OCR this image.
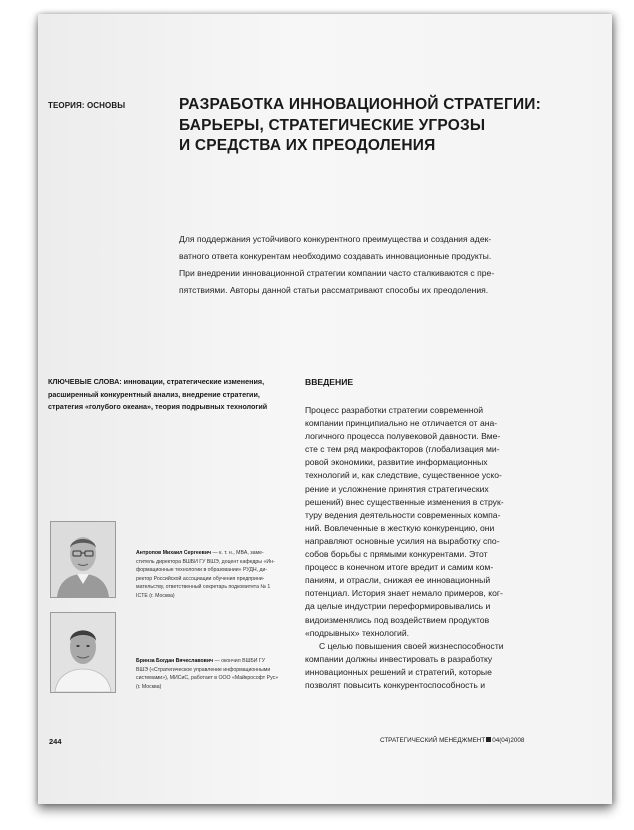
ТЕОРИЯ: ОСНОВЫ	РАЗРАБОТКА ИННОВАЦИОННОЙ СТРАТЕГИИ:
БАРЬЕРЫ, СТРАТЕГИЧЕСКИЕ УГРОЗЫ
И СРЕДСТВА ИХ ПРЕОДОЛЕНИЯ
Для поддержания устойчивого конкурентного преимущества и создания адек-
ватного ответа конкурентам необходимо создавать инновационные продукты.
При внедрении инновационной стратегии компании часто сталкиваются с пре-
пятствиями. Авторы данной статьи рассматривают способы их преодоления.
КЛЮЧЕВЫЕ СЛОВА: инновации, стратегические изменения,
расширенный конкурентный анализ, внедрение стратегии,
стратегия «голубого океана», теория подрывных технологий
ВВЕДЕНИЕ
Процесс разработки стратегии современной
компании принципиально не отличается от ана-
логичного процесса полувековой давности. Вме-
сте с тем ряд макрофакторов (глобализация ми-
ровой экономики, развитие информационных
технологий и, как следствие, существенное уско-
рение и усложнение принятия стратегических
решений) внес существенные изменения в струк-
туру ведения деятельности современных компа-
ний. Вовлеченные в жесткую конкуренцию, они
направляют основные усилия на выработку спо-
собов борьбы с прямыми конкурентами. Этот
процесс в конечном итоге вредит и самим ком-
паниям, и отрасли, снижая ее инновационный
потенциал. История знает немало примеров, ког-
да целые индустрии переформировывались и
видоизменялись под воздействием продуктов
«подрывных» технологий.
С целью повышения своей жизнеспособности
компании должны инвестировать в разработку
инновационных решений и стратегий, которые
позволят повысить конкурентоспособность и
Антропов Михаил Сергеевич — к. т. н., MBA, заме-
ститель директора ВШБИ ГУ ВШЭ, доцент кафедры «Ин-
формационные технологии в образовании» РУДН, ди-
ректор Российской ассоциации обучения предприни-
мательству, ответственный секретарь подкомитета № 1
ICTE (г. Москва)
Бринза Богдан Вячеславович — окончил ВШБИ ГУ
ВШЭ («Стратегическое управление информационными
системами»), МИСиС, работает в ООО «Майкрософт Рус»
(г. Москва)
244	СТРАТЕГИЧЕСКИЙ МЕНЕДЖМЕНТ 04(04)2008
